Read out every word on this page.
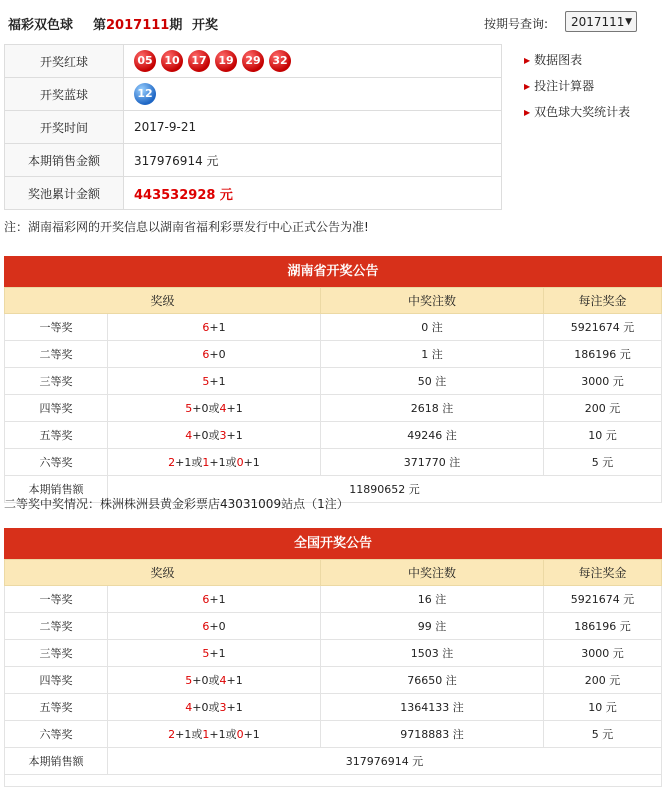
福彩双色球 第2017111期 开奖	按期号查询:	2017111 ▼
开奖红球	05 10 17 19 29 32
开奖蓝球	12
开奖时间	2017-9-21
本期销售金额	317976914 元
奖池累计金额	443532928 元
▶ 数据图表
▶ 投注计算器
▶ 双色球大奖统计表
注：湖南福彩网的开奖信息以湖南省福利彩票发行中心正式公告为准!
湖南省开奖公告
奖级		中奖注数	每注奖金
一等奖	6+1	0 注	5921674 元
二等奖	6+0	1 注	186196 元
三等奖	5+1	50 注	3000 元
四等奖	5+0或4+1	2618 注	200 元
五等奖	4+0或3+1	49246 注	10 元
六等奖	2+1或1+1或0+1	371770 注	5 元
本期销售额	11890652 元		
二等奖中奖情况：株洲株洲县黄金彩票店43031009站点（1注）
全国开奖公告
奖级		中奖注数	每注奖金
一等奖	6+1	16 注	5921674 元
二等奖	6+0	99 注	186196 元
三等奖	5+1	1503 注	3000 元
四等奖	5+0或4+1	76650 注	200 元
五等奖	4+0或3+1	1364133 注	10 元
六等奖	2+1或1+1或0+1	9718883 注	5 元
本期销售额	317976914 元		
